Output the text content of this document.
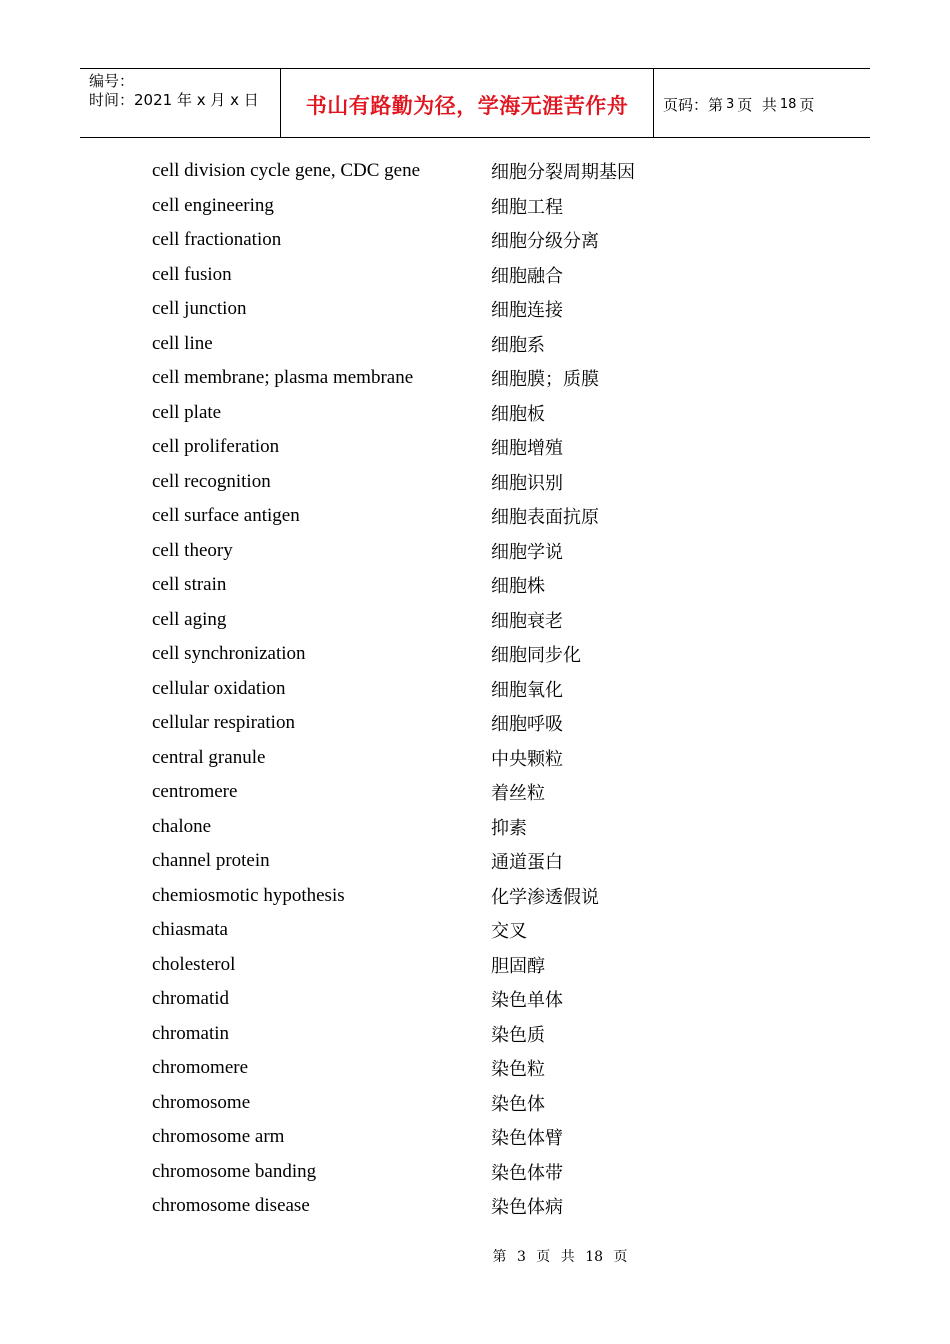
编号：
时间：2021 年 x 月 x 日	书山有路勤为径，学海无涯苦作舟	页码：第 3 页  共 18 页
cell division cycle gene, CDC gene	细胞分裂周期基因
cell engineering	细胞工程
cell fractionation	细胞分级分离
cell fusion	细胞融合
cell junction	细胞连接
cell line	细胞系
cell membrane; plasma membrane	细胞膜；质膜
cell plate	细胞板
cell proliferation	细胞增殖
cell recognition	细胞识别
cell surface antigen	细胞表面抗原
cell theory	细胞学说
cell strain	细胞株
cell aging	细胞衰老
cell synchronization	细胞同步化
cellular oxidation	细胞氧化
cellular respiration	细胞呼吸
central granule	中央颗粒
centromere	着丝粒
chalone	抑素
channel protein	通道蛋白
chemiosmotic hypothesis	化学渗透假说
chiasmata	交叉
cholesterol	胆固醇
chromatid	染色单体
chromatin	染色质
chromomere	染色粒
chromosome	染色体
chromosome arm	染色体臂
chromosome banding	染色体带
chromosome disease	染色体病
第 3 页 共 18 页
